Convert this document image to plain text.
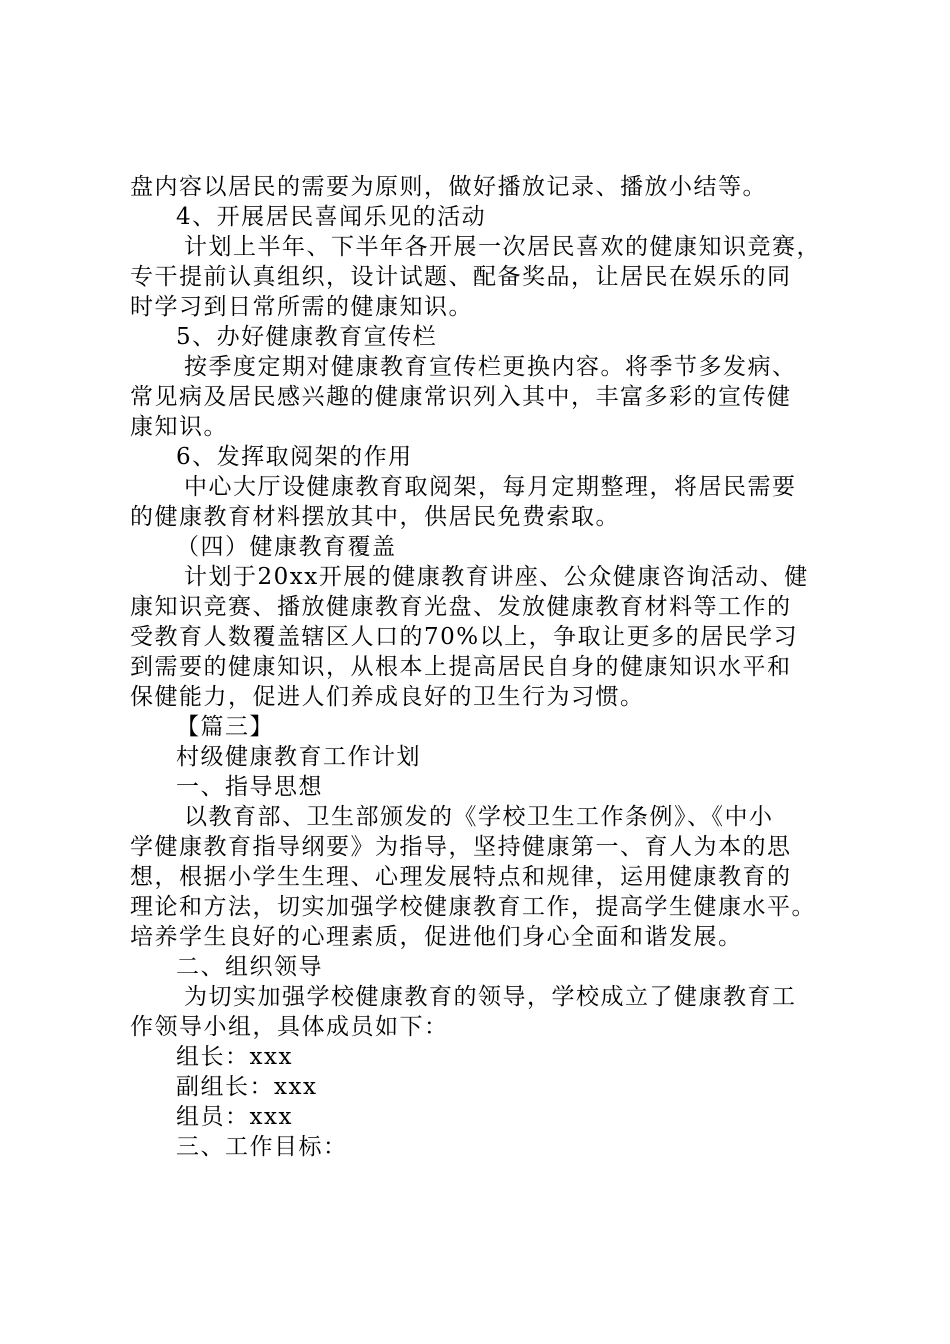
盘内容以居民的需要为原则，做好播放记录、播放小结等。
4、开展居民喜闻乐见的活动
计划上半年、下半年各开展一次居民喜欢的健康知识竞赛，
专干提前认真组织，设计试题、配备奖品，让居民在娱乐的同
时学习到日常所需的健康知识。
5、办好健康教育宣传栏
按季度定期对健康教育宣传栏更换内容。将季节多发病、
常见病及居民感兴趣的健康常识列入其中，丰富多彩的宣传健
康知识。
6、发挥取阅架的作用
中心大厅设健康教育取阅架，每月定期整理，将居民需要
的健康教育材料摆放其中，供居民免费索取。
（四）健康教育覆盖
计划于20xx开展的健康教育讲座、公众健康咨询活动、健
康知识竞赛、播放健康教育光盘、发放健康教育材料等工作的
受教育人数覆盖辖区人口的70%以上，争取让更多的居民学习
到需要的健康知识，从根本上提高居民自身的健康知识水平和
保健能力，促进人们养成良好的卫生行为习惯。
【篇三】
村级健康教育工作计划
一、指导思想
以教育部、卫生部颁发的《学校卫生工作条例》、《中小
学健康教育指导纲要》为指导，坚持健康第一、育人为本的思
想，根据小学生生理、心理发展特点和规律，运用健康教育的
理论和方法，切实加强学校健康教育工作，提高学生健康水平。
培养学生良好的心理素质，促进他们身心全面和谐发展。
二、组织领导
为切实加强学校健康教育的领导，学校成立了健康教育工
作领导小组，具体成员如下：
组长：xxx
副组长：xxx
组员：xxx
三、工作目标：
